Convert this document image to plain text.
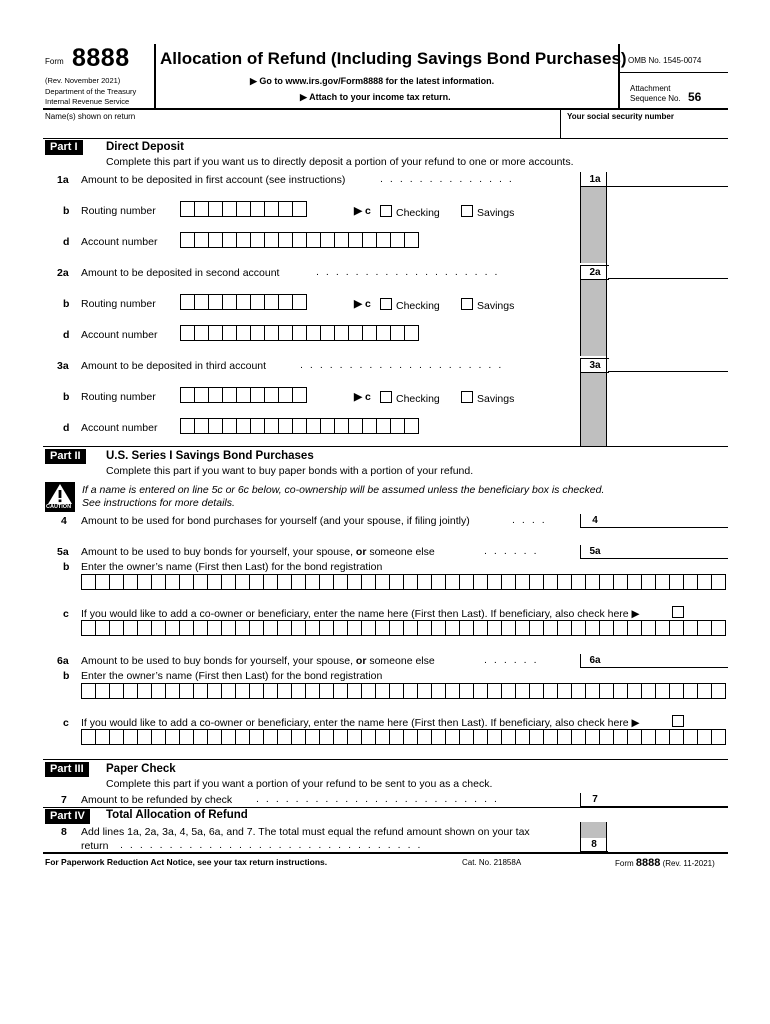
Form 8888
(Rev. November 2021)
Department of the Treasury
Internal Revenue Service
Allocation of Refund (Including Savings Bond Purchases)
▶ Go to www.irs.gov/Form8888 for the latest information.
▶ Attach to your income tax return.
OMB No. 1545-0074
Attachment
Sequence No. 56
Name(s) shown on return	Your social security number
Part I	Direct Deposit
Complete this part if you want us to directly deposit a portion of your refund to one or more accounts.
1a Amount to be deposited in first account (see instructions)	..............	1a
b Routing number	▶ c	Checking	Savings
d Account number
2a Amount to be deposited in second account	...................	2a
b Routing number	▶ c	Checking	Savings
d Account number
3a Amount to be deposited in third account	.....................	3a
b Routing number	▶ c	Checking	Savings
d Account number
Part II	U.S. Series I Savings Bond Purchases
Complete this part if you want to buy paper bonds with a portion of your refund.
CAUTION
If a name is entered on line 5c or 6c below, co-ownership will be assumed unless the beneficiary box is checked.
See instructions for more details.
4 Amount to be used for bond purchases for yourself (and your spouse, if filing jointly)	....	4
5a Amount to be used to buy bonds for yourself, your spouse, or someone else	......	5a
b Enter the owner’s name (First then Last) for the bond registration
c If you would like to add a co-owner or beneficiary, enter the name here (First then Last). If beneficiary, also check here ▶
6a Amount to be used to buy bonds for yourself, your spouse, or someone else	......	6a
b Enter the owner’s name (First then Last) for the bond registration
c If you would like to add a co-owner or beneficiary, enter the name here (First then Last). If beneficiary, also check here ▶
Part III	Paper Check
Complete this part if you want a portion of your refund to be sent to you as a check.
7 Amount to be refunded by check .........................	7
Part IV	Total Allocation of Refund
8 Add lines 1a, 2a, 3a, 4, 5a, 6a, and 7. The total must equal the refund amount shown on your tax
return ...............................	8
For Paperwork Reduction Act Notice, see your tax return instructions.	Cat. No. 21858A	Form 8888 (Rev. 11-2021)
